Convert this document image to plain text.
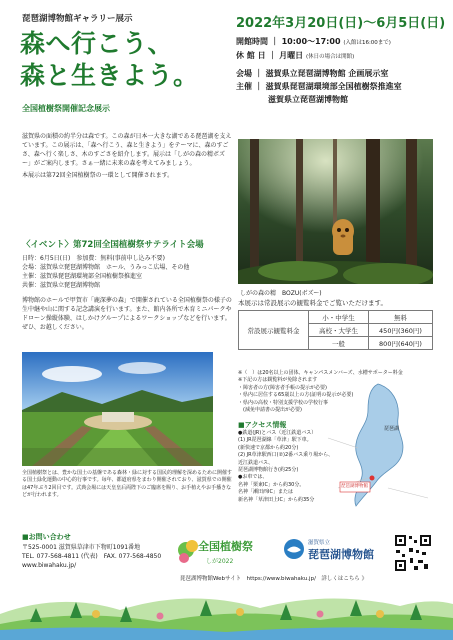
琵琶湖博物館ギャラリー展示
森へ行こう、
森と生きよう。
全国植樹祭開催記念展示
2022年3月20日(日)〜6月5日(日)
開館時間 ｜ 10:00〜17:00 (入館は16:00まで)
休 館 日 ｜ 月曜日 (休日の場合は開館)
会場 ｜ 滋賀県立琵琶湖博物館 企画展示室
主催 ｜ 滋賀県琵琶湖環境部全国植樹祭推進室
滋賀県立琵琶湖博物館

滋賀県の面積の約半分は森です。この森が日本一大きな湖である琵琶湖を支えています。この展示は、「森へ行こう、森と生きよう」をテーマに、森のすごさ、森へ行く楽しさ、木のすごさを紹介します。展示は「しがの森の精ボズー」がご案内します。さぁ一緒に未来の森を考えてみましょう。

本展示は第72回全国植樹祭の一環として開催されます。

しがの森の精　BOZU(ボズー)
〈イベント〉第72回全国植樹祭サテライト会場
日時：6月5日(日)　参加費：無料(事前申し込み不要)
会場：滋賀県立琵琶湖博物館　ホール、うみっこ広場、その他
主催：滋賀県琵琶湖環境部全国植樹祭推進室
共催：滋賀県立琵琶湖博物館
博物館のホールで甲賀市「鹿深夢の森」で開催されている全国植樹祭の様子の生中継や山に関する記念講演を行います。また、館内各所で木育ミニパークやドローン操縦体験、はしかけグループによるワークショップなどを行います。ぜひ、お越しください。
全国植樹祭とは、豊かな国土の基盤である森林・緑に対する国民的理解を深めるために開催する国土緑化運動の中心的行事です。毎年、都道府県をまわり開催されており、滋賀県での開催は47年ぶり2回目です。式典会場には天皇皇后両陛下のご臨席を賜り、お手植えやお手播きなどが行われます。
本展示は常設展示の観覧料金でご覧いただけます。
常設展示観覧料金	小・中学生	無料
	高校・大学生	450円(360円)
	一般	800円(640円)
※（　）は20名以上の団体、キャンパスメンバーズ、水槽サポーター料金
※下記の方は観覧料が免除されます
・障害者の方(障害者手帳の提示が必要)
・県内に居住する65歳以上の方(証明の提示が必要)
・県内の高校・特別支援学校の学校行事
　(減免申請書の提出が必要)
■アクセス情報
●鉄道(JR)とバス（近江鉄道バス）
(1) JR琵琶湖線「草津」駅下車。
(新快速で京都から約20分)
(2) JR草津駅西口(②)2番バス乗り場から、
近江鉄道バス、
琵琶湖博物館行き(約25分)
●お車では、
名神「栗東IC」から約30分。
名神「瀬田西IC」または
新名神「草津田上IC」から約35分
琵琶湖
琵琶湖博物館
■お問い合わせ
〒525-0001 滋賀県草津市下物町1091番地
TEL. 077-568-4811 (代表)　FAX. 077-568-4850
www.biwahaku.jp/
全国植樹祭
しが2022
滋賀県立
琵琶湖博物館
琵琶湖博物館Webサイト　https://www.biwahaku.jp/　詳しくはこちら 》
